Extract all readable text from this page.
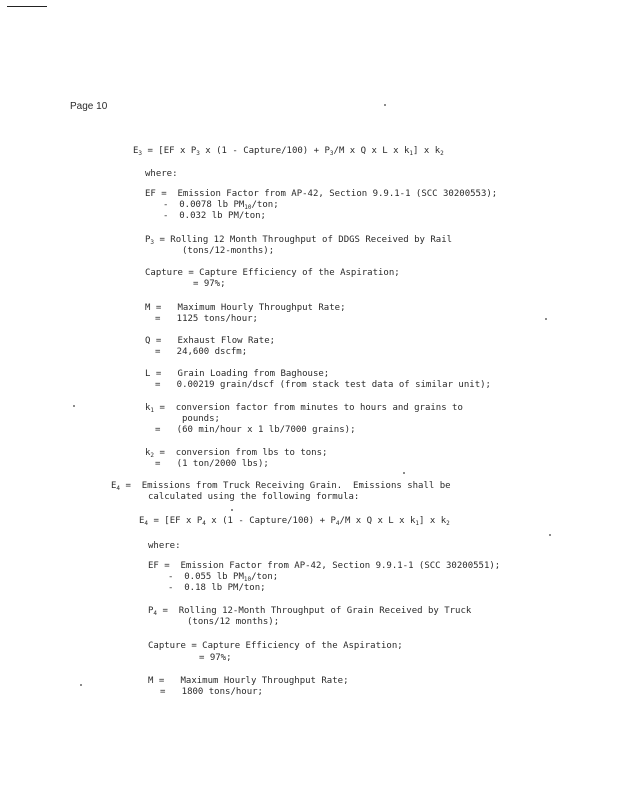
Page 10
$E_3 = [EF$ x $P_3$ x (1 - Capture/100) + $P_3/M$ x Q x L x $k_1$] x $k_2$
where:
EF =  Emission Factor from AP-42, Section 9.9.1-1 (SCC 30200553);
-  0.0078 lb $PM_{10}$/ton;
-  0.032 lb PM/ton;
$P_3$ = Rolling 12 Month Throughput of DDGS Received by Rail
(tons/12-months);
Capture = Capture Efficiency of the Aspiration;
= 97%;
M =   Maximum Hourly Throughput Rate;
=   1125 tons/hour;
Q =   Exhaust Flow Rate;
=   24,600 dscfm;
L =   Grain Loading from Baghouse;
=   0.00219 grain/dscf (from stack test data of similar unit);
$k_1$ =  conversion factor from minutes to hours and grains to
pounds;
=   (60 min/hour x 1 lb/7000 grains);
$k_2$ =  conversion from lbs to tons;
=   (1 ton/2000 lbs);
$E_4$ =  Emissions from Truck Receiving Grain.  Emissions shall be
calculated using the following formula:
$E_4 = [EF$ x $P_4$ x (1 - Capture/100) + $P_4/M$ x Q x L x $k_1$] x $k_2$
where:
EF =  Emission Factor from AP-42, Section 9.9.1-1 (SCC 30200551);
-  0.055 lb $PM_{10}$/ton;
-  0.18 lb PM/ton;
$P_4$ =  Rolling 12-Month Throughput of Grain Received by Truck
(tons/12 months);
Capture = Capture Efficiency of the Aspiration;
= 97%;
M =   Maximum Hourly Throughput Rate;
=   1800 tons/hour;
